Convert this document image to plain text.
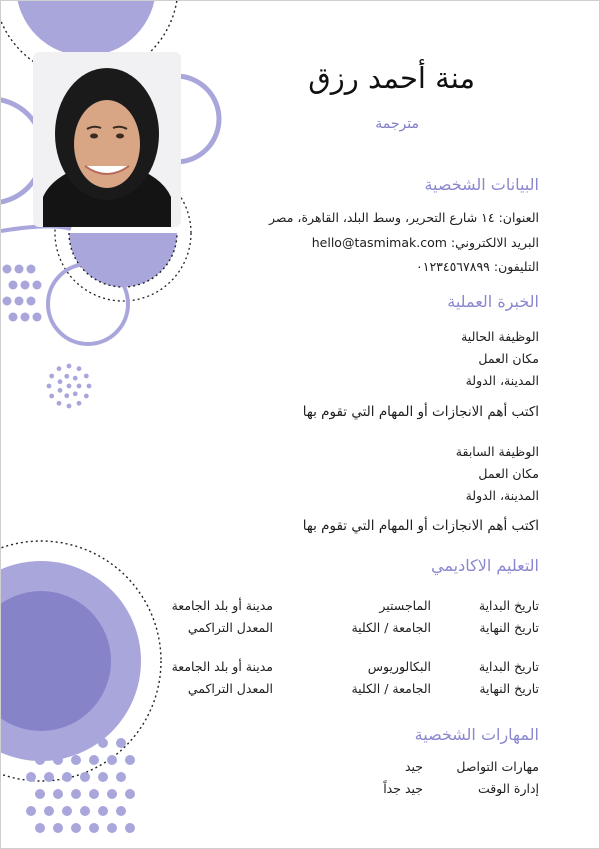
منة أحمد رزق
مترجمة
البيانات الشخصية
العنوان: ١٤ شارع التحرير، وسط البلد، القاهرة، مصر
البريد الالكتروني: hello@tasmimak.com
التليفون: ٠١٢٣٤٥٦٧٨٩٩
الخبرة العملية
الوظيفة الحالية
مكان العمل
المدينة، الدولة
اكتب أهم الانجازات أو المهام التي تقوم بها
الوظيفة السابقة
مكان العمل
المدينة، الدولة
اكتب أهم الانجازات أو المهام التي تقوم بها
التعليم الاكاديمي
تاريخ البداية
تاريخ النهاية
الماجستير
الجامعة / الكلية
مدينة أو بلد الجامعة
المعدل التراكمي
تاريخ البداية
تاريخ النهاية
البكالوريوس
الجامعة / الكلية
مدينة أو بلد الجامعة
المعدل التراكمي
المهارات الشخصية
مهارات التواصل
جيد
إدارة الوقت
جيد جداً
